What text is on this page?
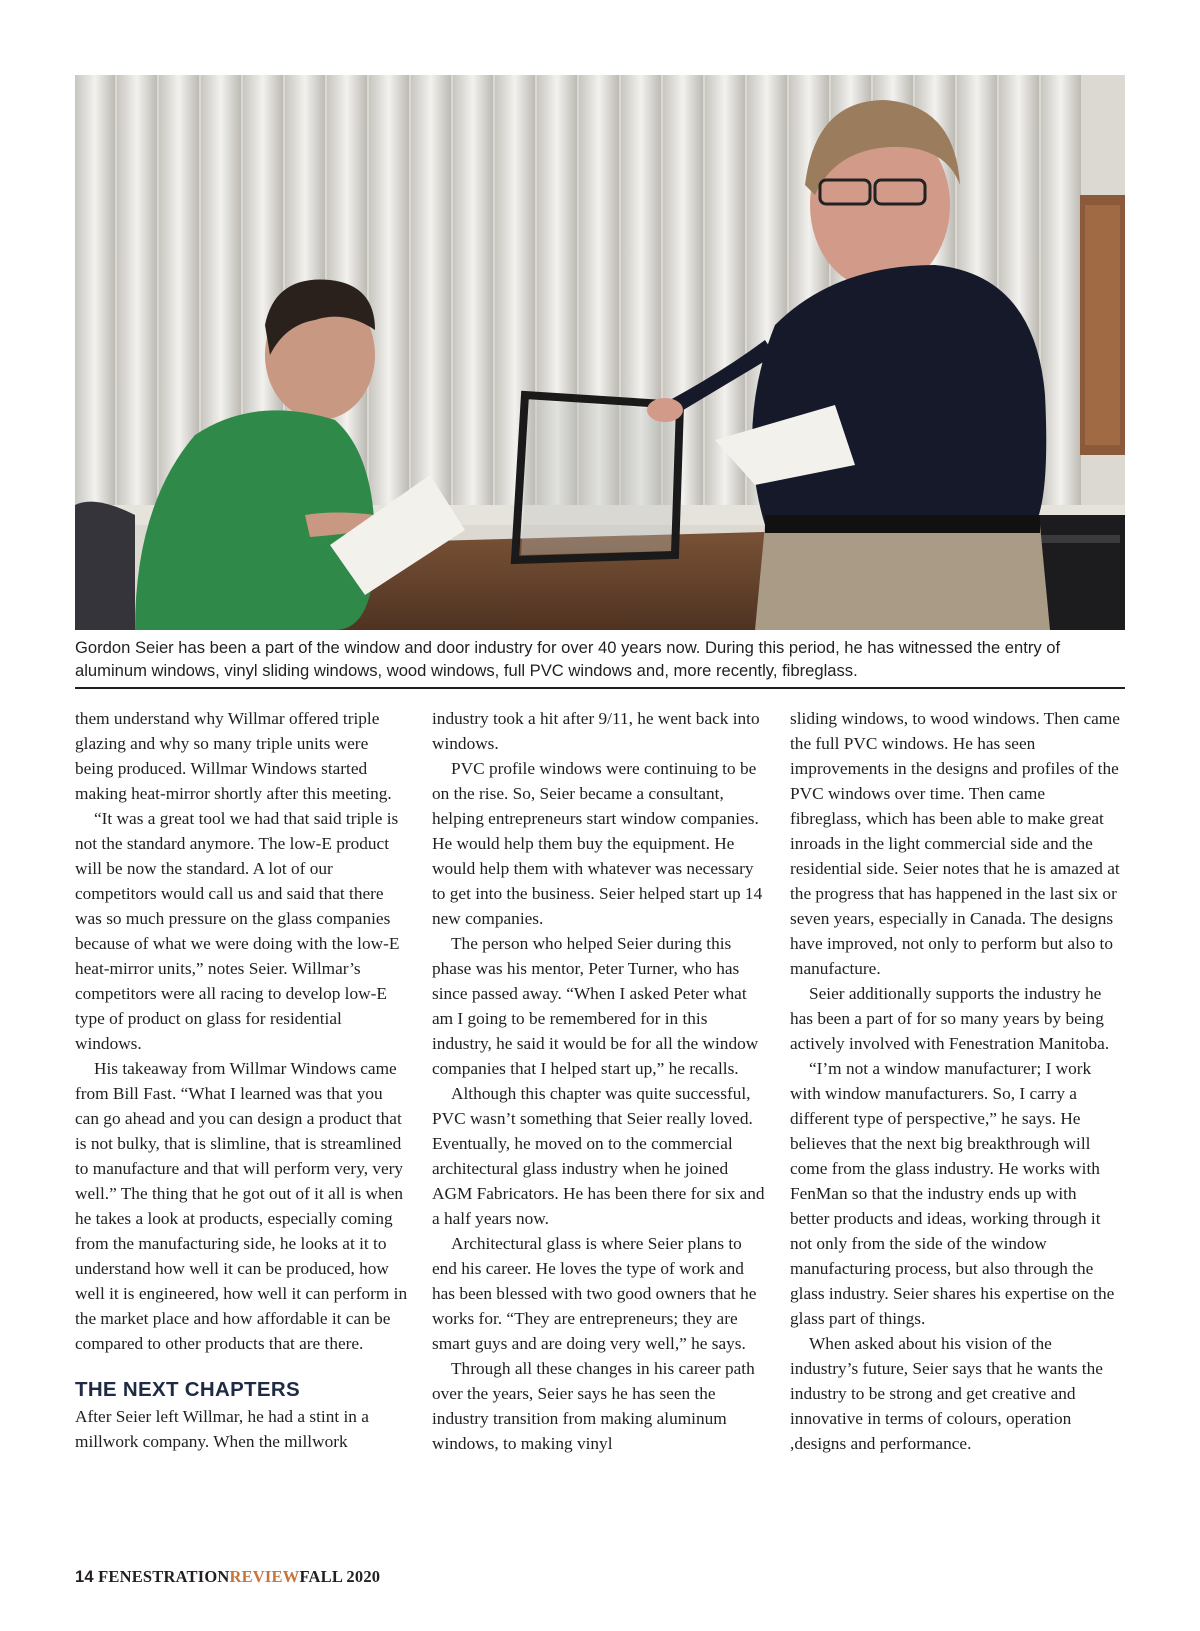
Gordon Seier has been a part of the window and door industry for over 40 years now. During this period, he has witnessed the entry of aluminum windows, vinyl sliding windows, wood windows, full PVC windows and, more recently, fibreglass.

them understand why Willmar offered triple glazing and why so many triple units were being produced. Willmar Windows started making heat-mirror shortly after this meeting.

“It was a great tool we had that said triple is not the standard anymore. The low-E product will be now the standard. A lot of our competitors would call us and said that there was so much pressure on the glass companies because of what we were doing with the low-E heat-mirror units,” notes Seier. Willmar’s competitors were all racing to develop low-E type of product on glass for residential windows.

His takeaway from Willmar Windows came from Bill Fast. “What I learned was that you can go ahead and you can design a product that is not bulky, that is slimline, that is streamlined to manufacture and that will perform very, very well.” The thing that he got out of it all is when he takes a look at products, especially coming from the manufacturing side, he looks at it to understand how well it can be produced, how well it is engineered, how well it can perform in the market place and how affordable it can be compared to other products that are there.

THE NEXT CHAPTERS

After Seier left Willmar, he had a stint in a millwork company. When the millwork

industry took a hit after 9/11, he went back into windows.

PVC profile windows were continuing to be on the rise. So, Seier became a consultant, helping entrepreneurs start window companies. He would help them buy the equipment. He would help them with whatever was necessary to get into the business. Seier helped start up 14 new companies.

The person who helped Seier during this phase was his mentor, Peter Turner, who has since passed away. “When I asked Peter what am I going to be remembered for in this industry, he said it would be for all the window companies that I helped start up,” he recalls.

Although this chapter was quite successful, PVC wasn’t something that Seier really loved. Eventually, he moved on to the commercial architectural glass industry when he joined AGM Fabricators. He has been there for six and a half years now.

Architectural glass is where Seier plans to end his career. He loves the type of work and has been blessed with two good owners that he works for. “They are entrepreneurs; they are smart guys and are doing very well,” he says.

Through all these changes in his career path over the years, Seier says he has seen the industry transition from making aluminum windows, to making vinyl

sliding windows, to wood windows. Then came the full PVC windows. He has seen improvements in the designs and profiles of the PVC windows over time. Then came fibreglass, which has been able to make great inroads in the light commercial side and the residential side. Seier notes that he is amazed at the progress that has happened in the last six or seven years, especially in Canada. The designs have improved, not only to perform but also to manufacture.

Seier additionally supports the industry he has been a part of for so many years by being actively involved with Fenestration Manitoba.

“I’m not a window manufacturer; I work with window manufacturers. So, I carry a different type of perspective,” he says. He believes that the next big breakthrough will come from the glass industry. He works with FenMan so that the industry ends up with better products and ideas, working through it not only from the side of the window manufacturing process, but also through the glass industry. Seier shares his expertise on the glass part of things.

When asked about his vision of the industry’s future, Seier says that he wants the industry to be strong and get creative and innovative in terms of colours, operation ,designs and performance.

14 FENESTRATIONREVIEWFALL 2020
